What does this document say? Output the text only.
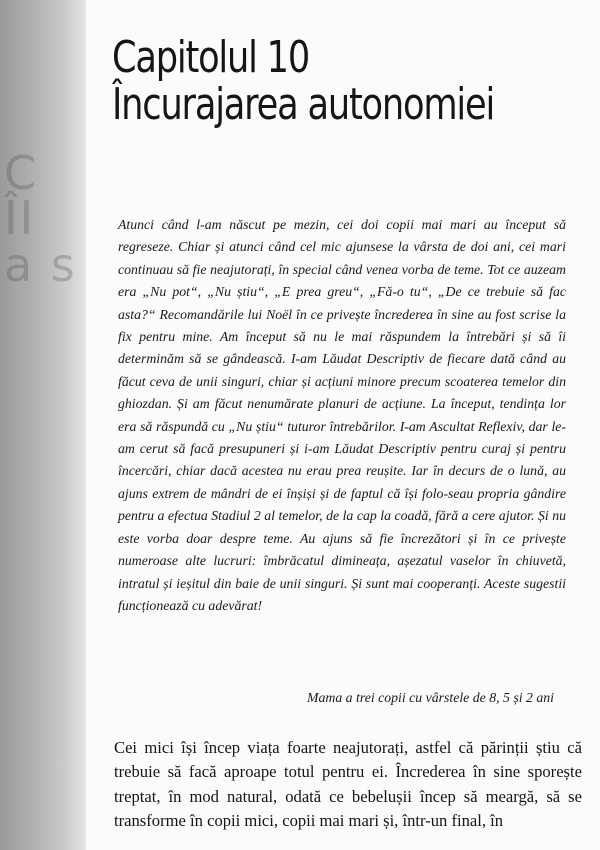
C
ÎI
a s
Capitolul 10
Încurajarea autonomiei

Atunci când l-am născut pe mezin, cei doi copii mai mari au început să regreseze. Chiar și atunci când cel mic ajunsese la vârsta de doi ani, cei mari continuau să fie neajutorați, în special când venea vorba de teme. Tot ce auzeam era „Nu pot“, „Nu știu“, „E prea greu“, „Fă-o tu“, „De ce trebuie să fac asta?“ Recomandările lui Noël în ce privește încrederea în sine au fost scrise la fix pentru mine. Am început să nu le mai răspundem la întrebări și să îi determinăm să se gândească. I-am Lăudat Descriptiv de fiecare dată când au făcut ceva de unii singuri, chiar și acțiuni minore precum scoaterea temelor din ghiozdan. Și am făcut nenumărate planuri de acțiune. La început, tendința lor era să răspundă cu „Nu știu“ tuturor întrebărilor. I-am Ascultat Reflexiv, dar le-am cerut să facă presupuneri și i-am Lăudat Descriptiv pentru curaj și pentru încercări, chiar dacă acestea nu erau prea reușite. Iar în decurs de o lună, au ajuns extrem de mândri de ei înșiși și de faptul că își folo-seau propria gândire pentru a efectua Stadiul 2 al temelor, de la cap la coadă, fără a cere ajutor. Și nu este vorba doar despre teme. Au ajuns să fie încrezători și în ce privește numeroase alte lucruri: îmbrăcatul dimineața, așezatul vaselor în chiuvetă, intratul și ieșitul din baie de unii singuri. Și sunt mai cooperanți. Aceste sugestii funcționează cu adevărat!

Mama a trei copii cu vârstele de 8, 5 și 2 ani

Cei mici își încep viața foarte neajutorați, astfel că părinții știu că trebuie să facă aproape totul pentru ei. Încrederea în sine sporește treptat, în mod natural, odată ce bebelușii încep să meargă, să se transforme în copii mici, copii mai mari și, într-un final, în
